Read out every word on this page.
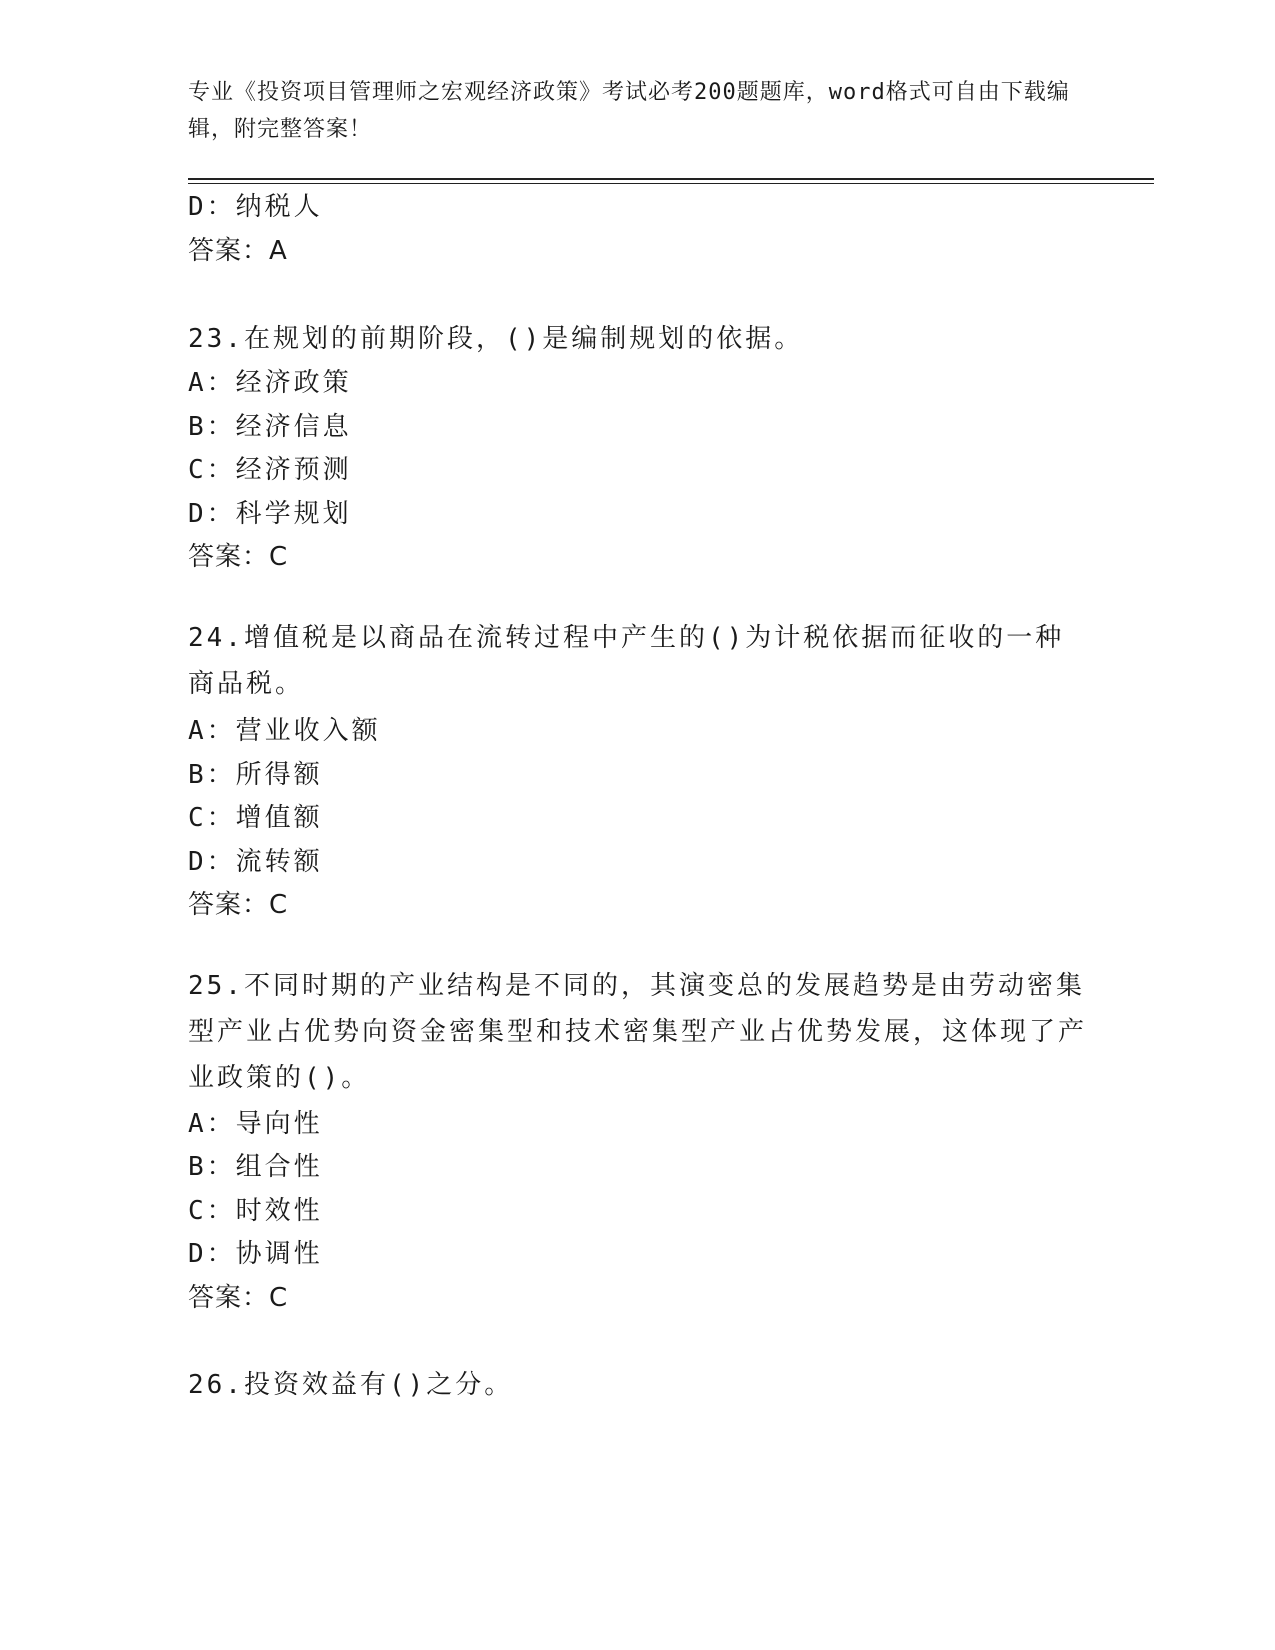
专业《投资项目管理师之宏观经济政策》考试必考200题题库，word格式可自由下载编辑，附完整答案！
D：纳税人
答案：A
23.在规划的前期阶段，()是编制规划的依据。
A：经济政策
B：经济信息
C：经济预测
D：科学规划
答案：C
24.增值税是以商品在流转过程中产生的()为计税依据而征收的一种商品税。
A：营业收入额
B：所得额
C：增值额
D：流转额
答案：C
25.不同时期的产业结构是不同的，其演变总的发展趋势是由劳动密集型产业占优势向资金密集型和技术密集型产业占优势发展，这体现了产业政策的()。
A：导向性
B：组合性
C：时效性
D：协调性
答案：C
26.投资效益有()之分。
